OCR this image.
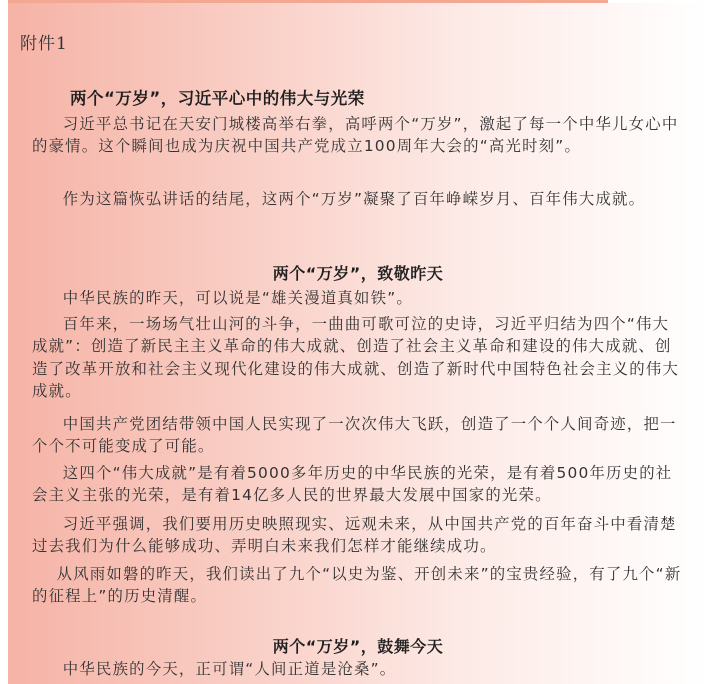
附件1
两个“万岁”，习近平心中的伟大与光荣

习近平总书记在天安门城楼高举右拳，高呼两个“万岁”，激起了每一个中华儿女心中的豪情。这个瞬间也成为庆祝中国共产党成立100周年大会的“高光时刻”。

作为这篇恢弘讲话的结尾，这两个“万岁”凝聚了百年峥嵘岁月、百年伟大成就。

两个“万岁”，致敬昨天

中华民族的昨天，可以说是“雄关漫道真如铁”。

百年来，一场场气壮山河的斗争，一曲曲可歌可泣的史诗，习近平归结为四个“伟大成就”：创造了新民主主义革命的伟大成就、创造了社会主义革命和建设的伟大成就、创造了改革开放和社会主义现代化建设的伟大成就、创造了新时代中国特色社会主义的伟大成就。

中国共产党团结带领中国人民实现了一次次伟大飞跃，创造了一个个人间奇迹，把一个个不可能变成了可能。

这四个“伟大成就”是有着5000多年历史的中华民族的光荣，是有着500年历史的社会主义主张的光荣，是有着14亿多人民的世界最大发展中国家的光荣。

习近平强调，我们要用历史映照现实、远观未来，从中国共产党的百年奋斗中看清楚过去我们为什么能够成功、弄明白未来我们怎样才能继续成功。

从风雨如磐的昨天，我们读出了九个“以史为鉴、开创未来”的宝贵经验，有了九个“新的征程上”的历史清醒。

两个“万岁”，鼓舞今天

中华民族的今天，正可谓“人间正道是沧桑”。
